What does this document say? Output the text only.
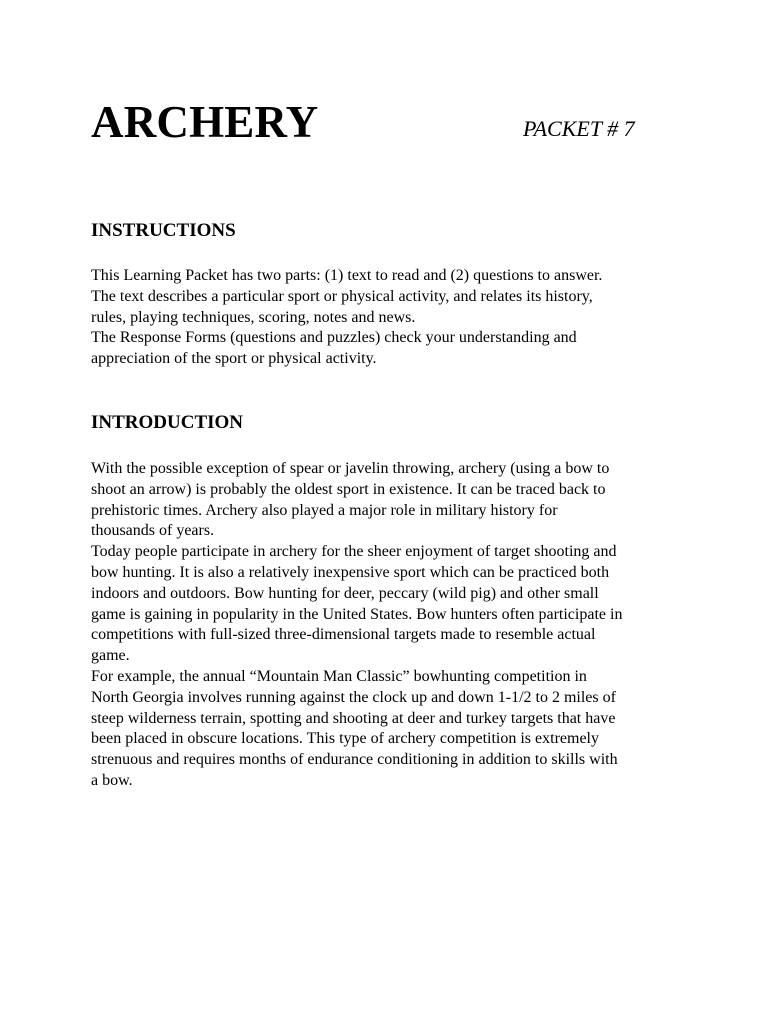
ARCHERY	PACKET # 7
INSTRUCTIONS

This Learning Packet has two parts: (1) text to read and (2) questions to answer.

The text describes a particular sport or physical activity, and relates its history,

rules, playing techniques, scoring, notes and news.

The Response Forms (questions and puzzles) check your understanding and

appreciation of the sport or physical activity.

INTRODUCTION

With the possible exception of spear or javelin throwing, archery (using a bow to

shoot an arrow) is probably the oldest sport in existence. It can be traced back to

prehistoric times. Archery also played a major role in military history for

thousands of years.

Today people participate in archery for the sheer enjoyment of target shooting and

bow hunting. It is also a relatively inexpensive sport which can be practiced both

indoors and outdoors. Bow hunting for deer, peccary (wild pig) and other small

game is gaining in popularity in the United States. Bow hunters often participate in

competitions with full-sized three-dimensional targets made to resemble actual

game.

For example, the annual “Mountain Man Classic” bowhunting competition in

North Georgia involves running against the clock up and down 1-1/2 to 2 miles of

steep wilderness terrain, spotting and shooting at deer and turkey targets that have

been placed in obscure locations. This type of archery competition is extremely

strenuous and requires months of endurance conditioning in addition to skills with

a bow.
